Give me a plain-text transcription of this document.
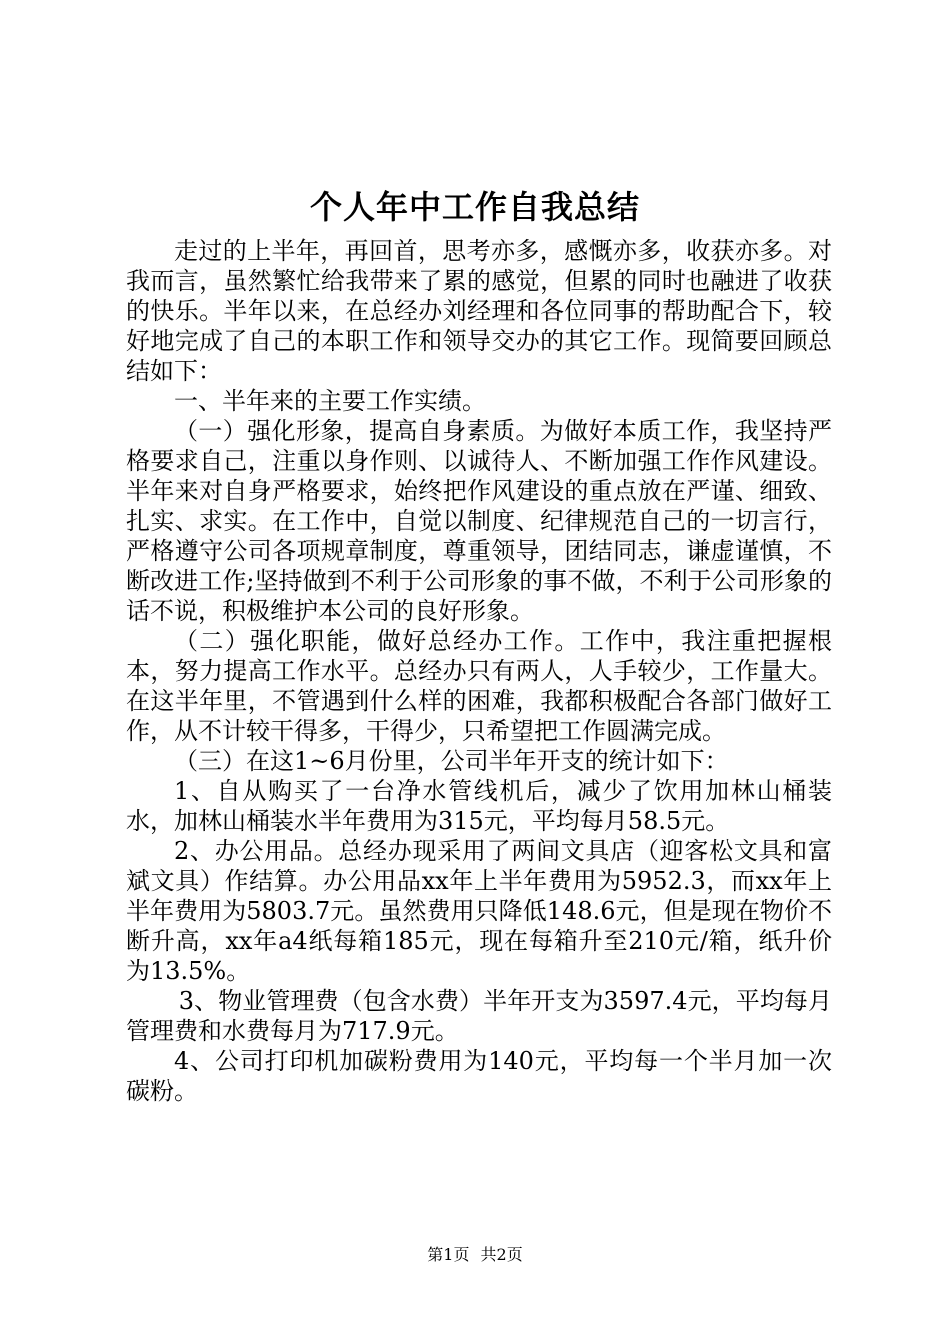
个人年中工作自我总结

走过的上半年，再回首，思考亦多，感慨亦多，收获亦多。对我而言，虽然繁忙给我带来了累的感觉，但累的同时也融进了收获的快乐。半年以来，在总经办刘经理和各位同事的帮助配合下，较好地完成了自己的本职工作和领导交办的其它工作。现简要回顾总结如下：

一、半年来的主要工作实绩。

（一）强化形象，提高自身素质。为做好本质工作，我坚持严格要求自己，注重以身作则、以诚待人、不断加强工作作风建设。半年来对自身严格要求，始终把作风建设的重点放在严谨、细致、扎实、求实。在工作中，自觉以制度、纪律规范自己的一切言行，严格遵守公司各项规章制度，尊重领导，团结同志，谦虚谨慎，不断改进工作;坚持做到不利于公司形象的事不做，不利于公司形象的话不说，积极维护本公司的良好形象。

（二）强化职能，做好总经办工作。工作中，我注重把握根本，努力提高工作水平。总经办只有两人，人手较少，工作量大。在这半年里，不管遇到什么样的困难，我都积极配合各部门做好工作，从不计较干得多，干得少，只希望把工作圆满完成。

（三）在这1~6月份里，公司半年开支的统计如下：

1、自从购买了一台净水管线机后，减少了饮用加林山桶装水，加林山桶装水半年费用为315元，平均每月58.5元。

2、办公用品。总经办现采用了两间文具店（迎客松文具和富斌文具）作结算。办公用品xx年上半年费用为5952.3，而xx年上半年费用为5803.7元。虽然费用只降低148.6元，但是现在物价不断升高，xx年a4纸每箱185元，现在每箱升至210元/箱，纸升价为13.5%。

3、物业管理费（包含水费）半年开支为3597.4元，平均每月管理费和水费每月为717.9元。

4、公司打印机加碳粉费用为140元，平均每一个半月加一次碳粉。

第1页 共2页
